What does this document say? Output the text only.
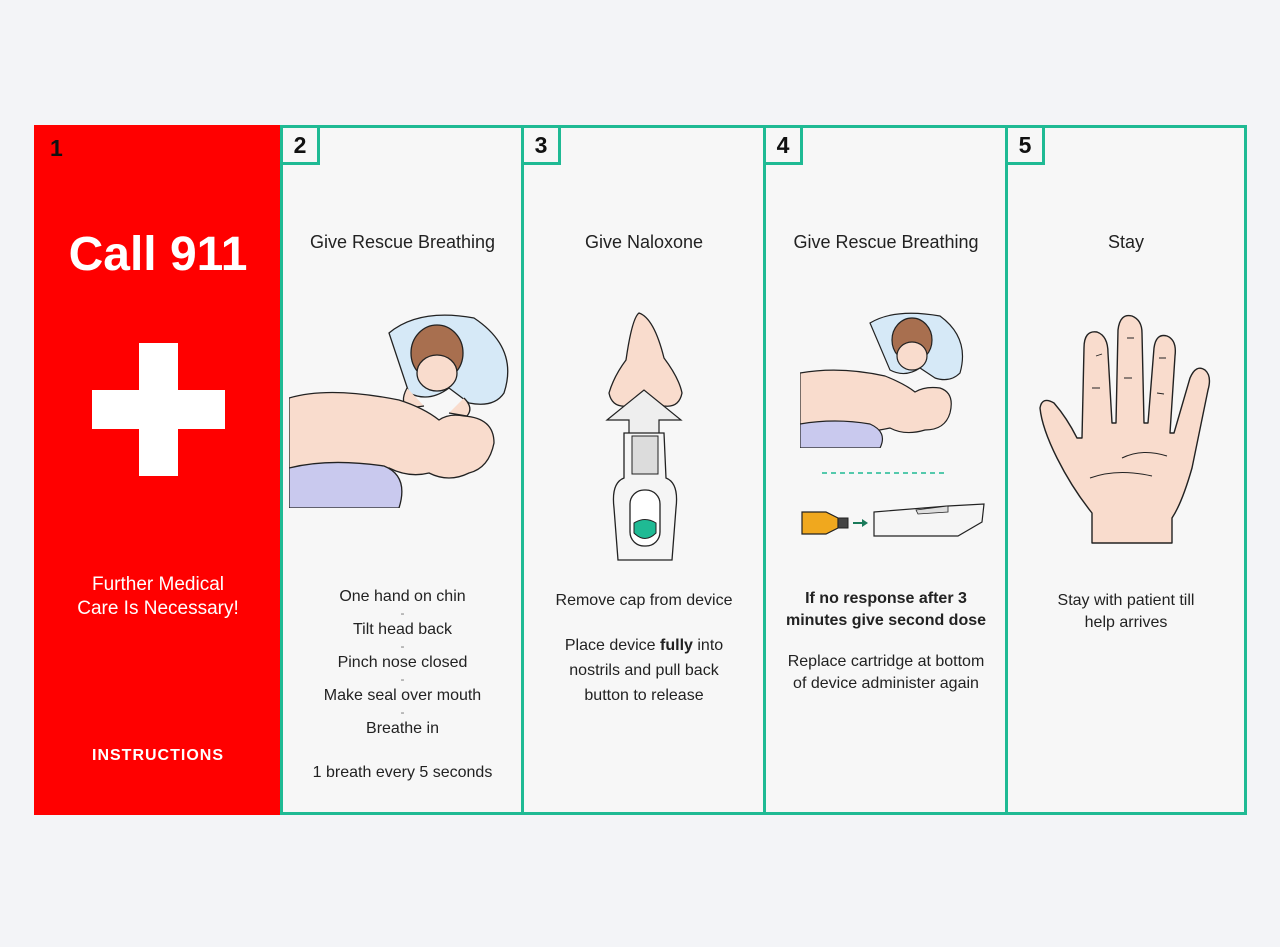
1
Call 911
Further Medical
Care Is Necessary!
INSTRUCTIONS
2
Give Rescue Breathing
One hand on chin
-
Tilt head back
-
Pinch nose closed
-
Make seal over mouth
-
Breathe in
1 breath every 5 seconds
3
Give Naloxone
Remove cap from device
Place device fully into
nostrils and pull back
button to release
4
Give Rescue Breathing
If no response after 3
minutes give second dose
Replace cartridge at bottom
of device administer again
5
Stay
Stay with patient till
help arrives
